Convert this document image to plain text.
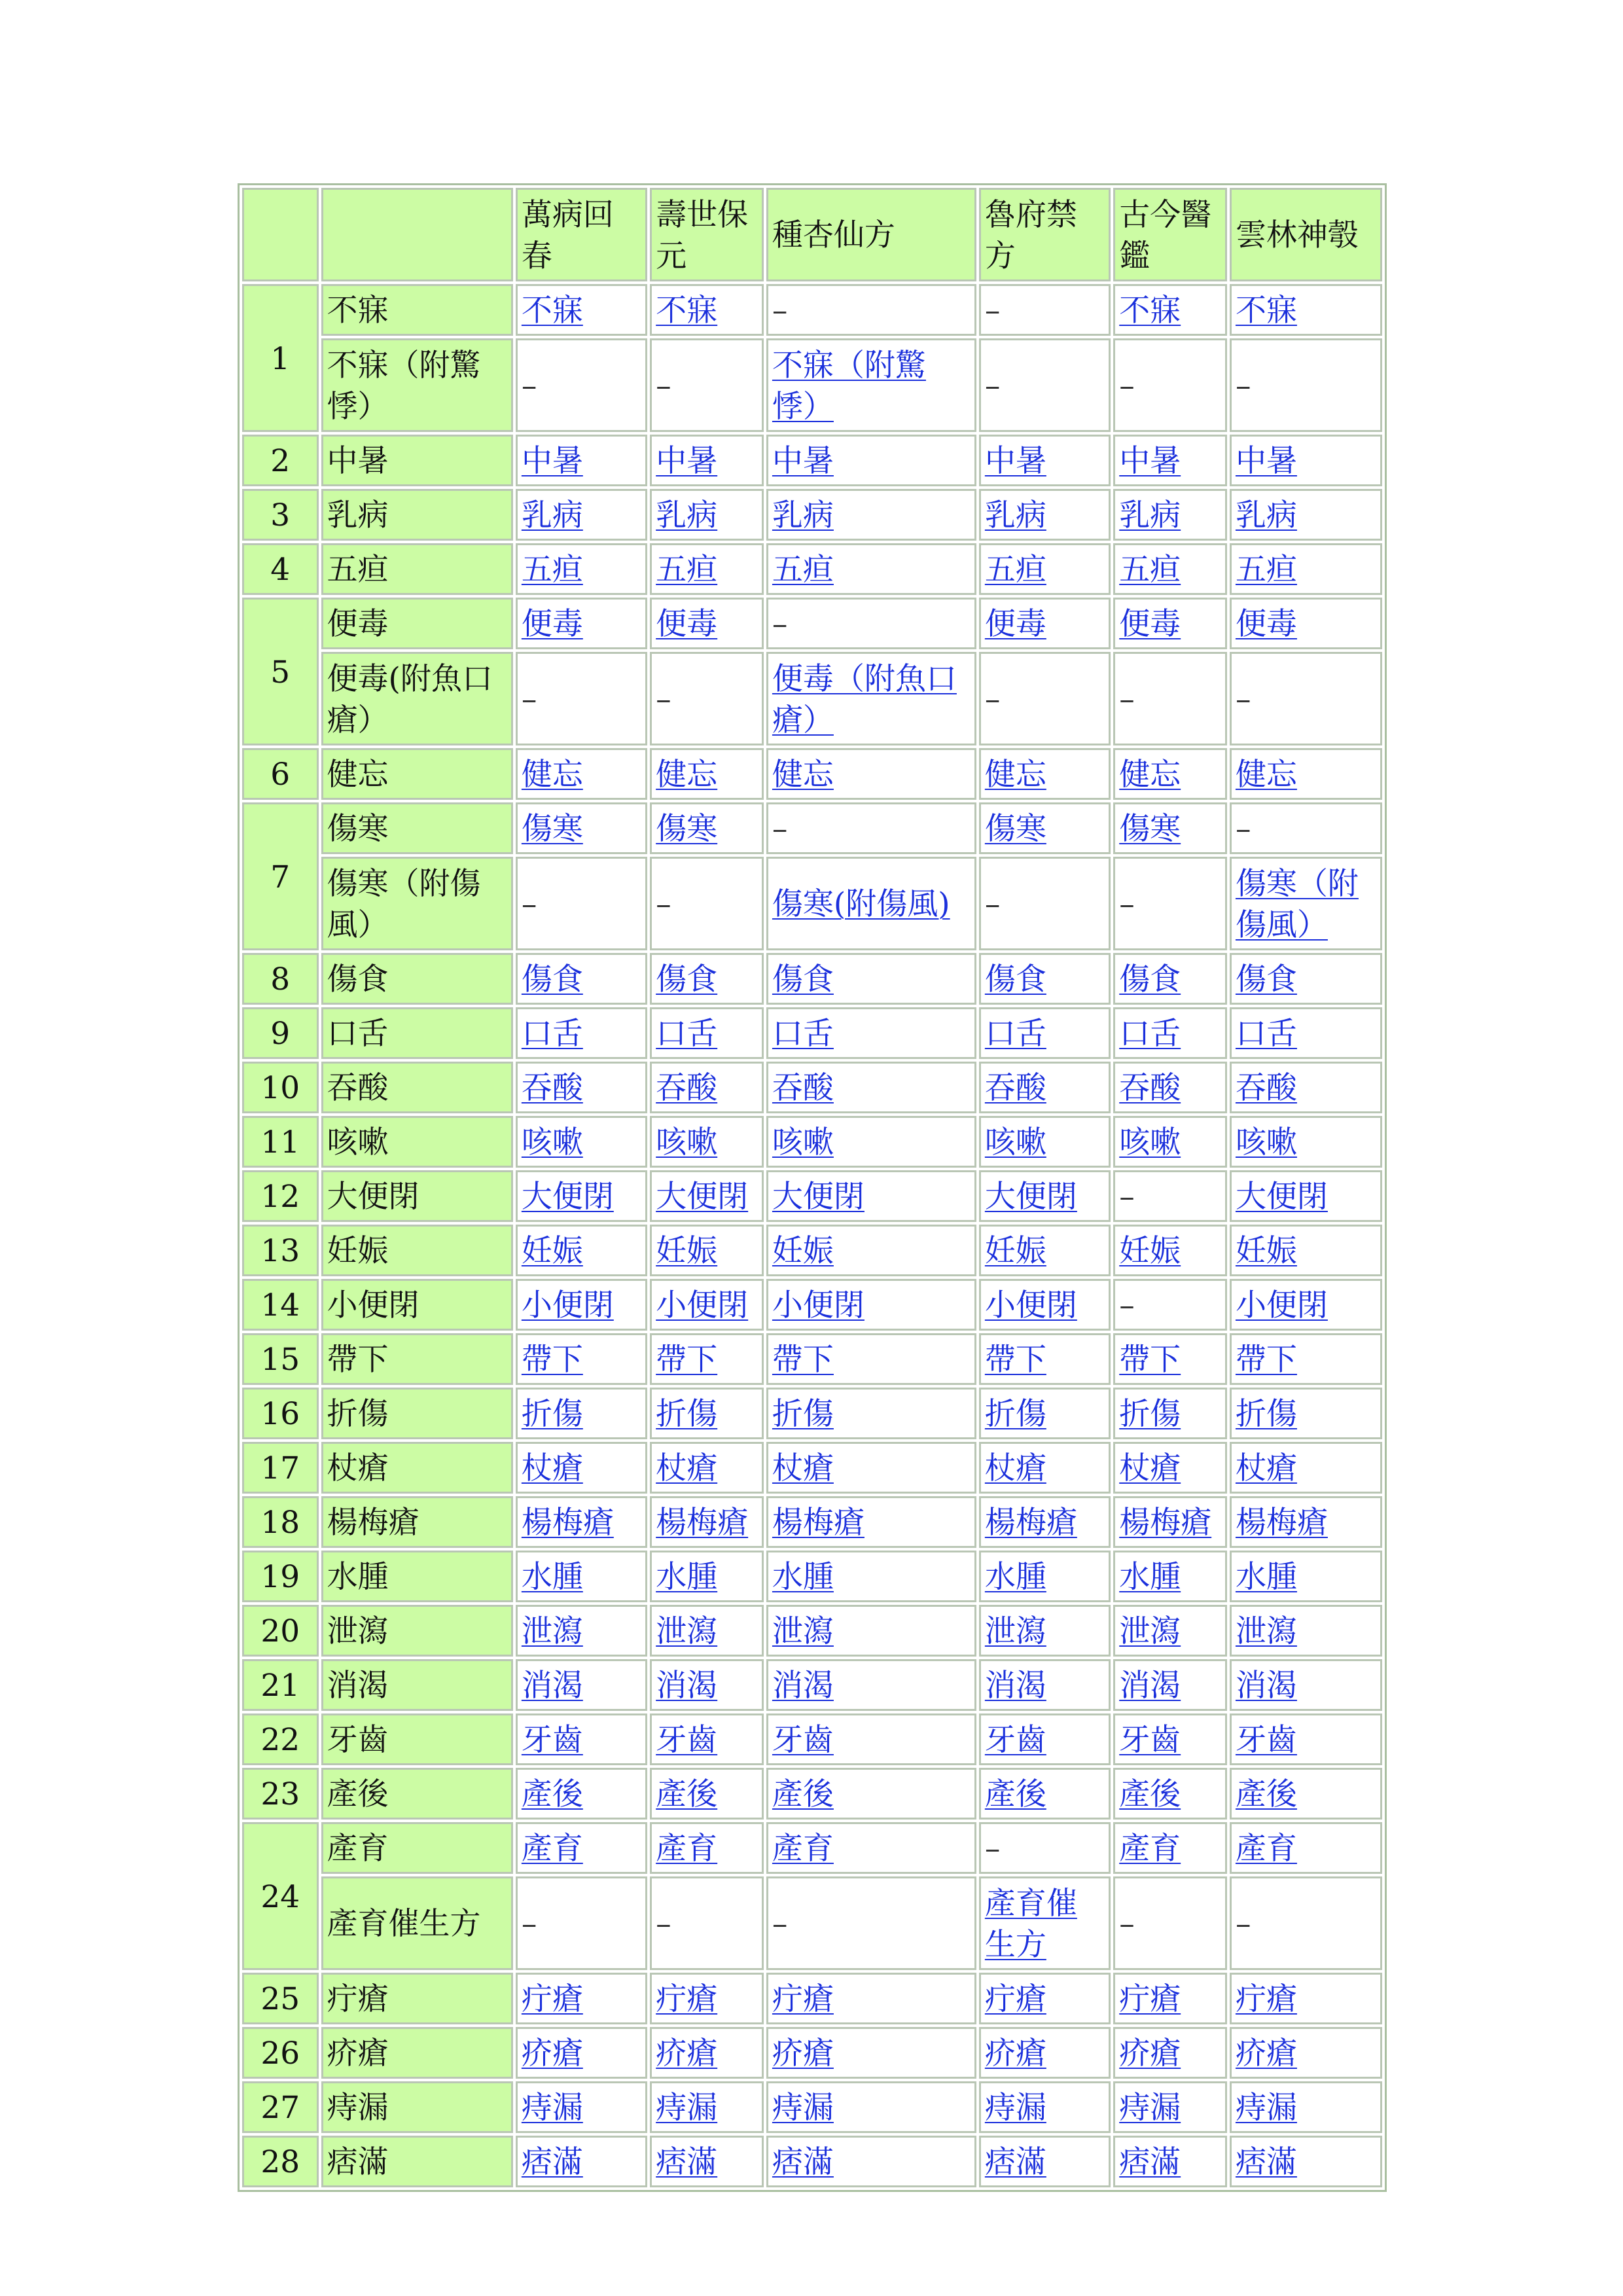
		萬病回春	壽世保元	種杏仙方	魯府禁方	古今醫鑑	雲林神彀
1	不寐	不寐	不寐	–	–	不寐	不寐
	不寐（附驚悸）	–	–	不寐（附驚悸）	–	–	–
2	中暑	中暑	中暑	中暑	中暑	中暑	中暑
3	乳病	乳病	乳病	乳病	乳病	乳病	乳病
4	五疸	五疸	五疸	五疸	五疸	五疸	五疸
5	便毒	便毒	便毒	–	便毒	便毒	便毒
	便毒(附魚口瘡）	–	–	便毒（附魚口瘡）	–	–	–
6	健忘	健忘	健忘	健忘	健忘	健忘	健忘
7	傷寒	傷寒	傷寒	–	傷寒	傷寒	–
	傷寒（附傷風）	–	–	傷寒(附傷風)	–	–	傷寒（附傷風）
8	傷食	傷食	傷食	傷食	傷食	傷食	傷食
9	口舌	口舌	口舌	口舌	口舌	口舌	口舌
10	吞酸	吞酸	吞酸	吞酸	吞酸	吞酸	吞酸
11	咳嗽	咳嗽	咳嗽	咳嗽	咳嗽	咳嗽	咳嗽
12	大便閉	大便閉	大便閉	大便閉	大便閉	–	大便閉
13	妊娠	妊娠	妊娠	妊娠	妊娠	妊娠	妊娠
14	小便閉	小便閉	小便閉	小便閉	小便閉	–	小便閉
15	帶下	帶下	帶下	帶下	帶下	帶下	帶下
16	折傷	折傷	折傷	折傷	折傷	折傷	折傷
17	杖瘡	杖瘡	杖瘡	杖瘡	杖瘡	杖瘡	杖瘡
18	楊梅瘡	楊梅瘡	楊梅瘡	楊梅瘡	楊梅瘡	楊梅瘡	楊梅瘡
19	水腫	水腫	水腫	水腫	水腫	水腫	水腫
20	泄瀉	泄瀉	泄瀉	泄瀉	泄瀉	泄瀉	泄瀉
21	消渴	消渴	消渴	消渴	消渴	消渴	消渴
22	牙齒	牙齒	牙齒	牙齒	牙齒	牙齒	牙齒
23	產後	產後	產後	產後	產後	產後	產後
24	產育	產育	產育	產育	–	產育	產育
	產育催生方	–	–	–	產育催生方	–	–
25	疔瘡	疔瘡	疔瘡	疔瘡	疔瘡	疔瘡	疔瘡
26	疥瘡	疥瘡	疥瘡	疥瘡	疥瘡	疥瘡	疥瘡
27	痔漏	痔漏	痔漏	痔漏	痔漏	痔漏	痔漏
28	痞滿	痞滿	痞滿	痞滿	痞滿	痞滿	痞滿
